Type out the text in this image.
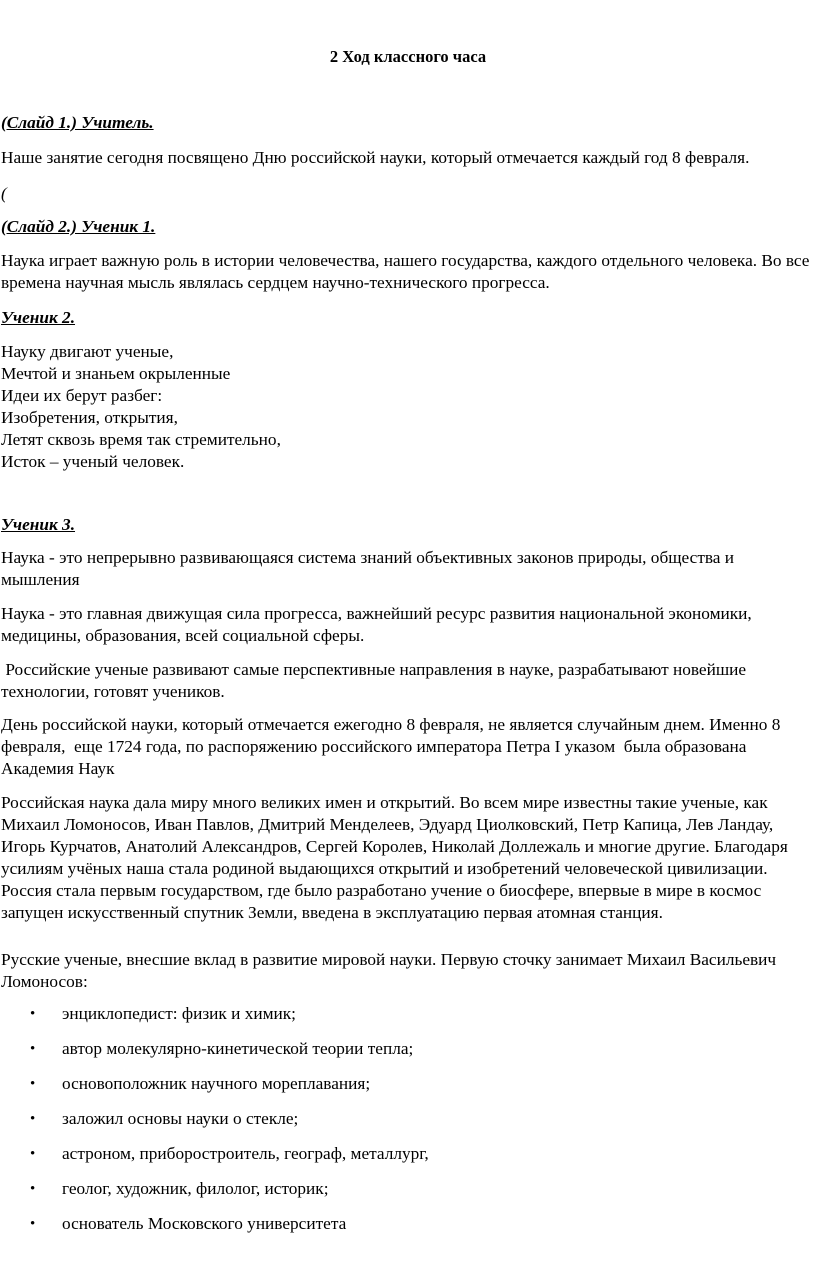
2 Ход классного часа

(Слайд 1.) Учитель.

Наше занятие сегодня посвящено Дню российской науки, который отмечается каждый год 8 февраля.

(

(Слайд 2.) Ученик 1.

Наука играет важную роль в истории человечества, нашего государства, каждого отдельного человека. Во все времена научная мысль являлась сердцем научно-технического прогресса.

Ученик 2.

Науку двигают ученые,
Мечтой и знаньем окрыленные
Идеи их берут разбег:
Изобретения, открытия,
Летят сквозь время так стремительно,
Исток – ученый человек.

Ученик 3.

Наука - это непрерывно развивающаяся система знаний объективных законов природы, общества и мышления

Наука - это главная движущая сила прогресса, важнейший ресурс развития национальной экономики, медицины, образования, всей социальной сферы.

Российские ученые развивают самые перспективные направления в науке, разрабатывают новейшие технологии, готовят учеников.

День российской науки, который отмечается ежегодно 8 февраля, не является случайным днем. Именно 8 февраля,  еще 1724 года, по распоряжению российского императора Петра I указом  была образована Академия Наук

Российская наука дала миру много великих имен и открытий. Во всем мире известны такие ученые, как Михаил Ломоносов, Иван Павлов, Дмитрий Менделеев, Эдуард Циолковский, Петр Капица, Лев Ландау, Игорь Курчатов, Анатолий Александров, Сергей Королев, Николай Доллежаль и многие другие. Благодаря усилиям учёных наша стала родиной выдающихся открытий и изобретений человеческой цивилизации. Россия стала первым государством, где было разработано учение о биосфере, впервые в мире в космос запущен искусственный спутник Земли, введена в эксплуатацию первая атомная станция.

Русские ученые, внесшие вклад в развитие мировой науки. Первую сточку занимает Михаил Васильевич Ломоносов:

• энциклопедист: физик и химик;
• автор молекулярно-кинетической теории тепла;
• основоположник научного мореплавания;
• заложил основы науки о стекле;
• астроном, приборостроитель, географ, металлург,
• геолог, художник, филолог, историк;
• основатель Московского университета
